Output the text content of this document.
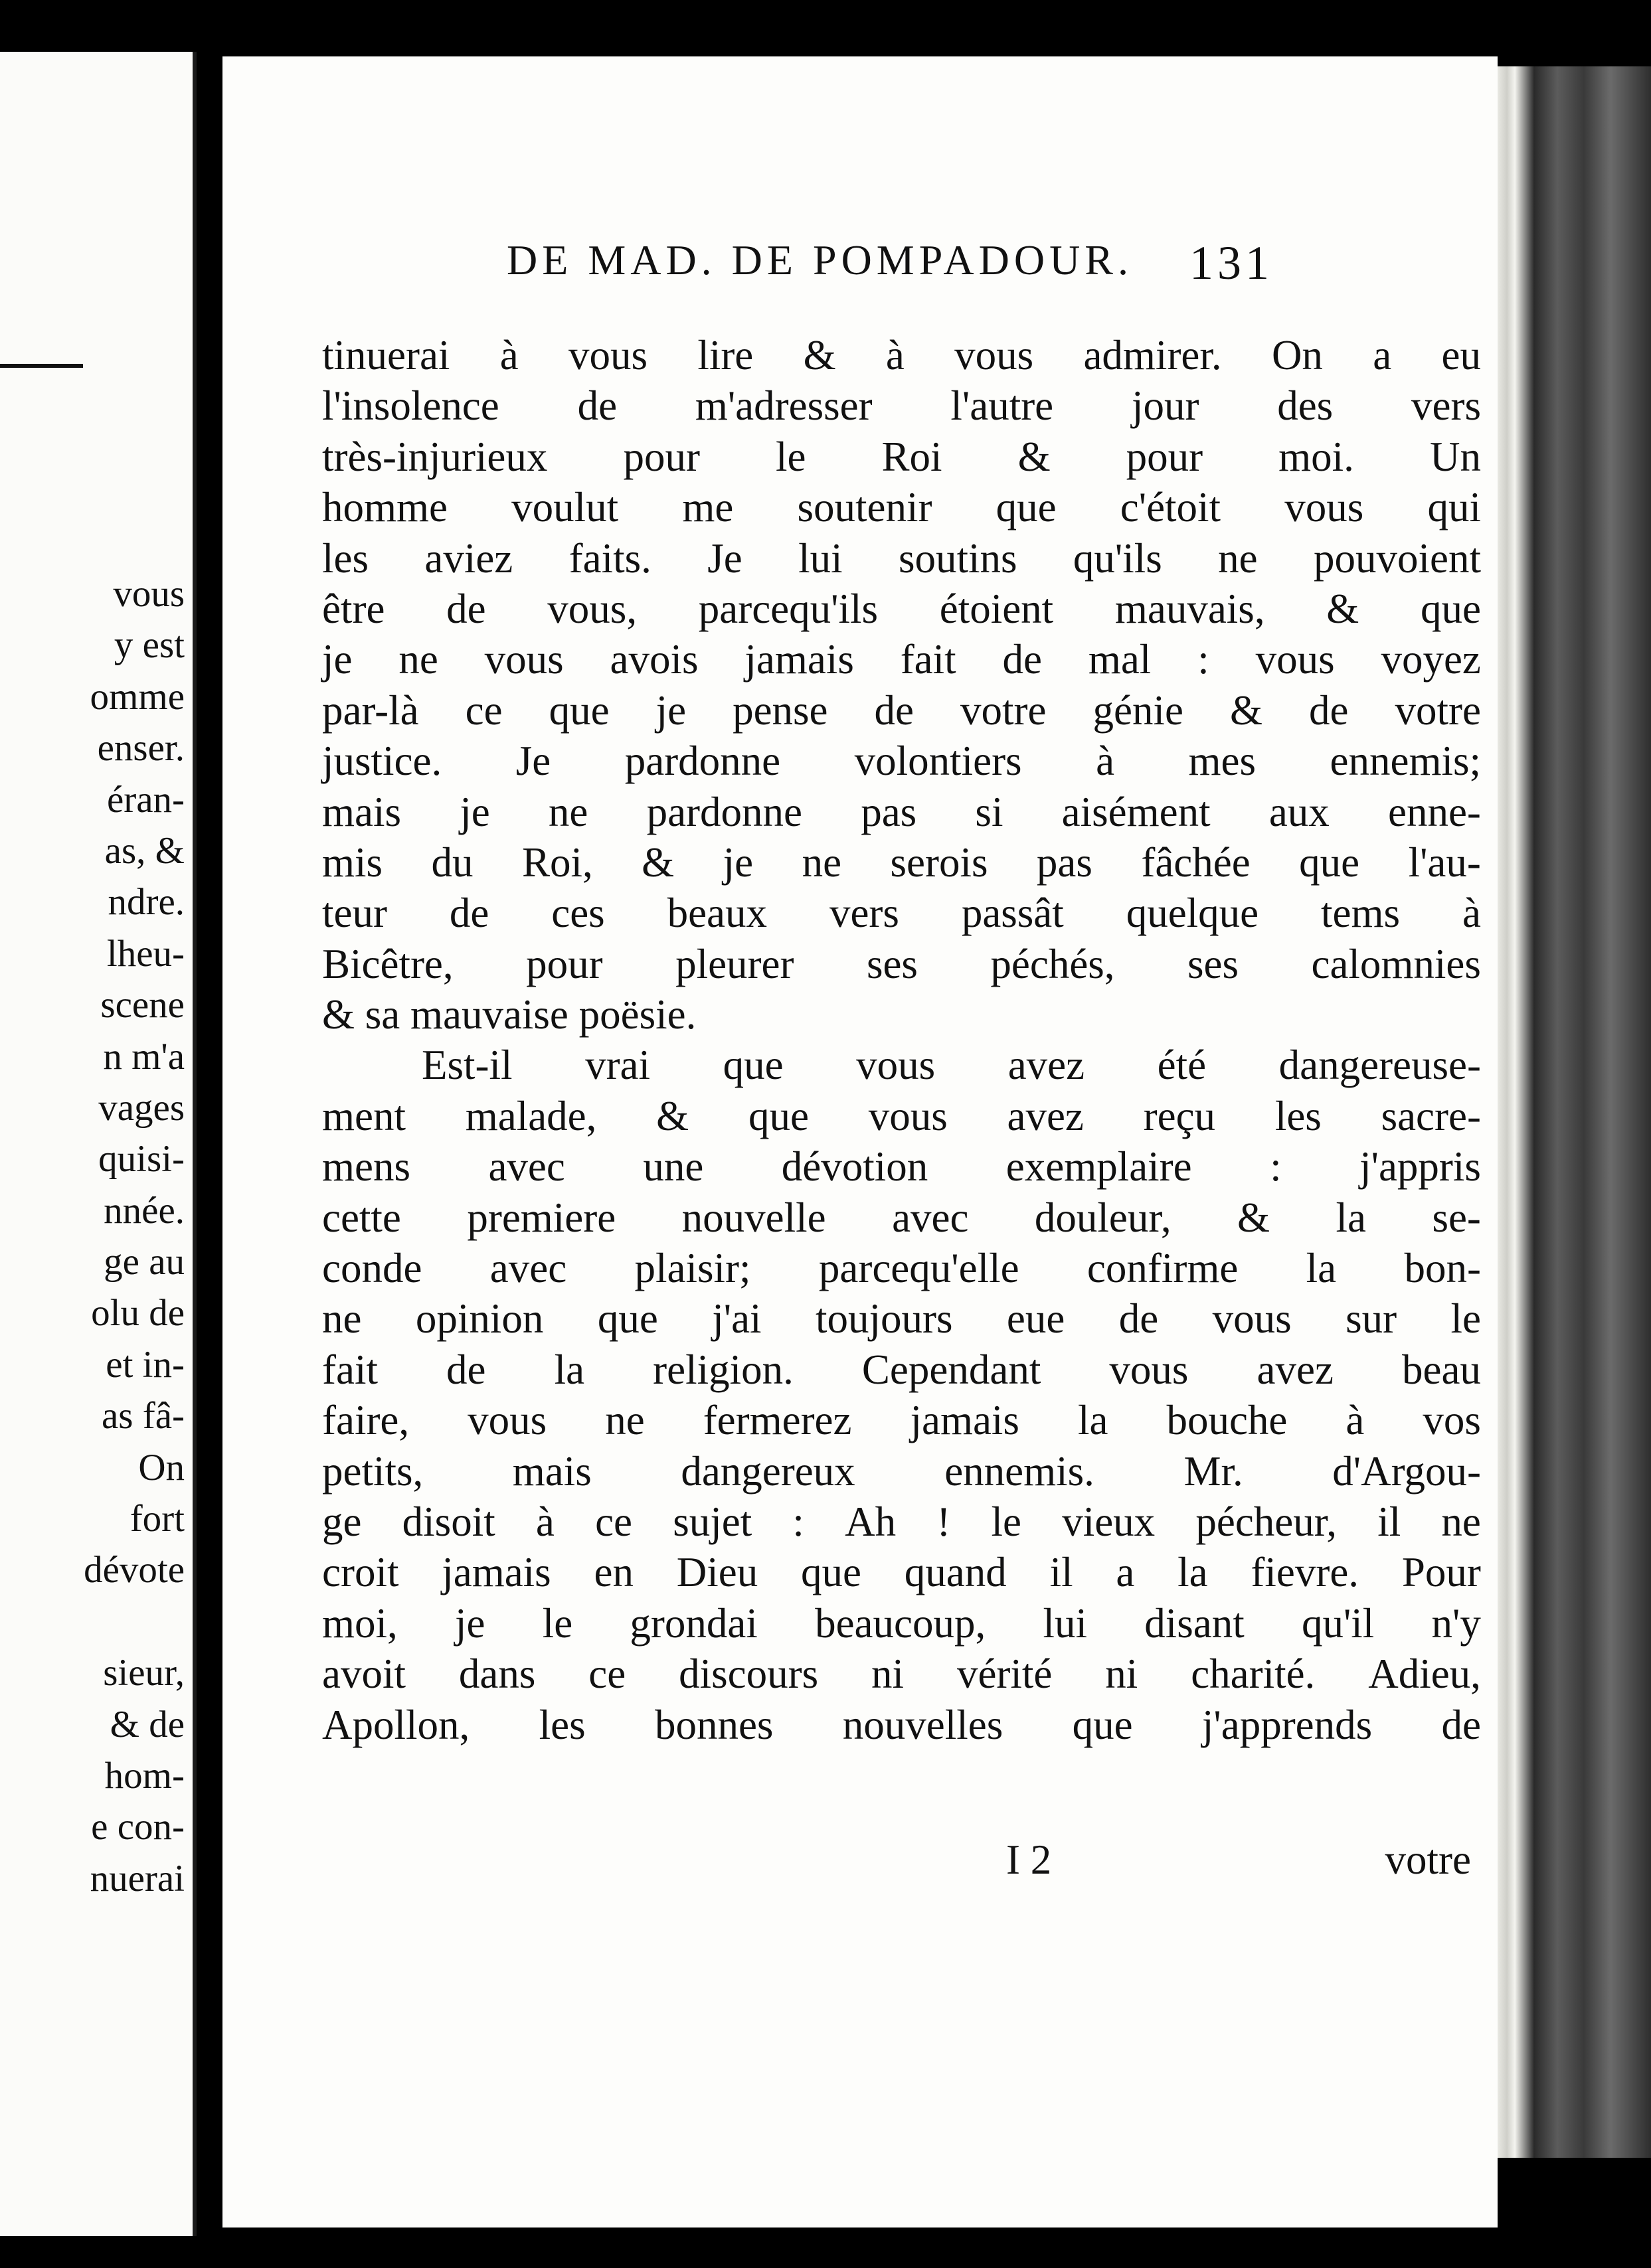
vous
y est
omme
enser.
éran-
as, &
ndre.
lheu-
scene
n m'a
vages
quisi-
nnée.
ge au
olu de
et in-
as fâ-
On
fort
dévote
sieur,
& de
hom-
e con-
nuerai
DE MAD. DE POMPADOUR. 131
tinuerai à vous lire & à vous admirer. On a eu
l'insolence de m'adresser l'autre jour des vers
très-injurieux pour le Roi & pour moi. Un
homme voulut me soutenir que c'étoit vous qui
les aviez faits. Je lui soutins qu'ils ne pouvoient
être de vous, parcequ'ils étoient mauvais, & que
je ne vous avois jamais fait de mal : vous voyez
par-là ce que je pense de votre génie & de votre
justice. Je pardonne volontiers à mes ennemis;
mais je ne pardonne pas si aisément aux enne-
mis du Roi, & je ne serois pas fâchée que l'au-
teur de ces beaux vers passât quelque tems à
Bicêtre, pour pleurer ses péchés, ses calomnies
& sa mauvaise poësie.
Est-il vrai que vous avez été dangereuse-
ment malade, & que vous avez reçu les sacre-
mens avec une dévotion exemplaire : j'appris
cette premiere nouvelle avec douleur, & la se-
conde avec plaisir; parcequ'elle confirme la bon-
ne opinion que j'ai toujours eue de vous sur le
fait de la religion. Cependant vous avez beau
faire, vous ne fermerez jamais la bouche à vos
petits, mais dangereux ennemis. Mr. d'Argou-
ge disoit à ce sujet : Ah ! le vieux pécheur, il ne
croit jamais en Dieu que quand il a la fievre. Pour
moi, je le grondai beaucoup, lui disant qu'il n'y
avoit dans ce discours ni vérité ni charité. Adieu,
Apollon, les bonnes nouvelles que j'apprends de
I 2	votre
